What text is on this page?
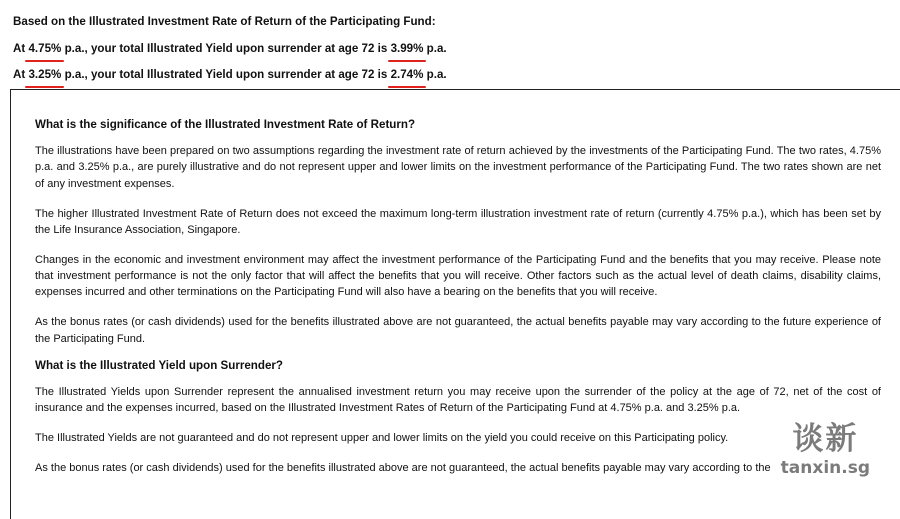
Based on the Illustrated Investment Rate of Return of the Participating Fund:
At 4.75% p.a., your total Illustrated Yield upon surrender at age 72 is 3.99% p.a.
At 3.25% p.a., your total Illustrated Yield upon surrender at age 72 is 2.74% p.a.
What is the significance of the Illustrated Investment Rate of Return?

The illustrations have been prepared on two assumptions regarding the investment rate of return achieved by the investments of the Participating Fund. The two rates, 4.75% p.a. and 3.25% p.a., are purely illustrative and do not represent upper and lower limits on the investment performance of the Participating Fund. The two rates shown are net of any investment expenses.

The higher Illustrated Investment Rate of Return does not exceed the maximum long-term illustration investment rate of return (currently 4.75% p.a.), which has been set by the Life Insurance Association, Singapore.

Changes in the economic and investment environment may affect the investment performance of the Participating Fund and the benefits that you may receive. Please note that investment performance is not the only factor that will affect the benefits that you will receive. Other factors such as the actual level of death claims, disability claims, expenses incurred and other terminations on the Participating Fund will also have a bearing on the benefits that you will receive.

As the bonus rates (or cash dividends) used for the benefits illustrated above are not guaranteed, the actual benefits payable may vary according to the future experience of the Participating Fund.

What is the Illustrated Yield upon Surrender?

The Illustrated Yields upon Surrender represent the annualised investment return you may receive upon the surrender of the policy at the age of 72, net of the cost of insurance and the expenses incurred, based on the Illustrated Investment Rates of Return of the Participating Fund at 4.75% p.a. and 3.25% p.a.

The Illustrated Yields are not guaranteed and do not represent upper and lower limits on the yield you could receive on this Participating policy.

As the bonus rates (or cash dividends) used for the benefits illustrated above are not guaranteed, the actual benefits payable may vary according to the

谈新
tanxin.sg
